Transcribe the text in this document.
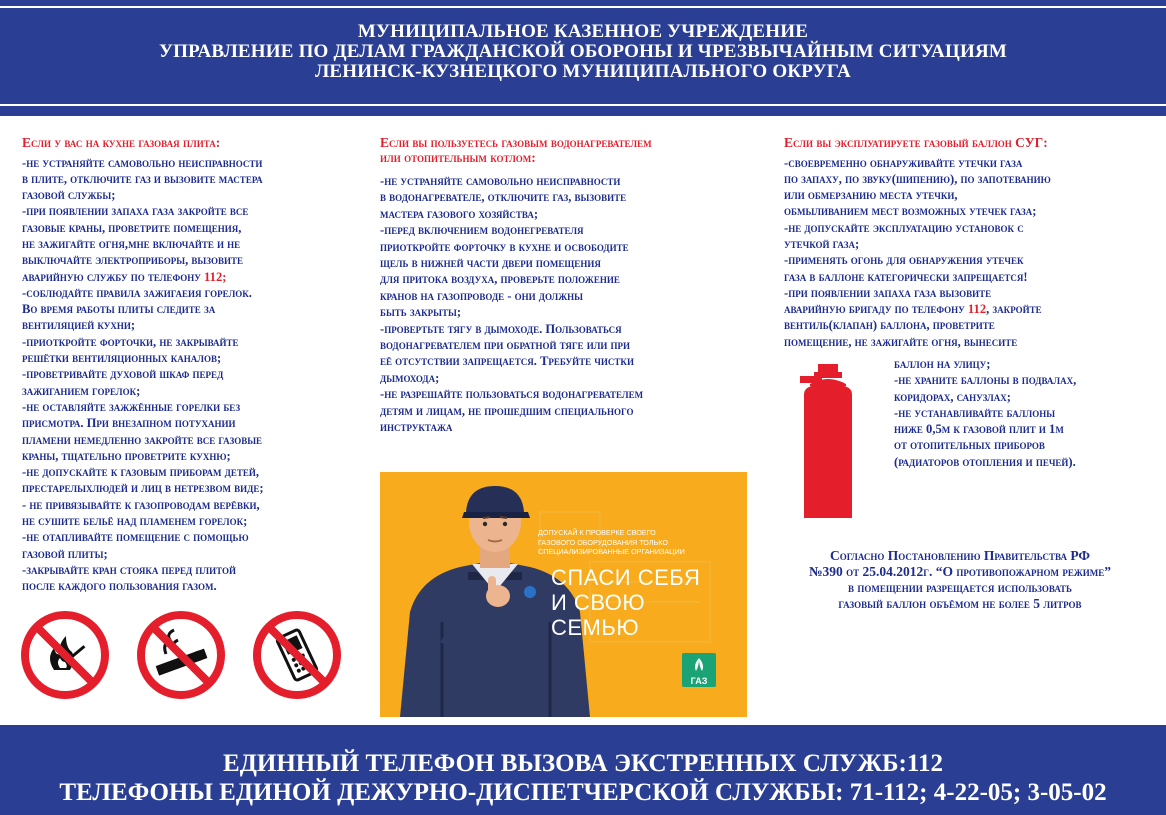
МУНИЦИПАЛЬНОЕ КАЗЕННОЕ УЧРЕЖДЕНИЕ
УПРАВЛЕНИЕ ПО ДЕЛАМ ГРАЖДАНСКОЙ ОБОРОНЫ И ЧРЕЗВЫЧАЙНЫМ СИТУАЦИЯМ
ЛЕНИНСК-КУЗНЕЦКОГО МУНИЦИПАЛЬНОГО ОКРУГА
Если у вас на кухне газовая плита:
-не устраняйте самовольно неисправности
в плите, отключите газ и вызовите мастера
газовой службы;
-при появлении запаха газа закройте все
газовые краны, проветрите помещения,
не зажигайте огня,мне включайте и не
выключайте электроприборы, вызовите
аварийную службу по телефону 112;
-соблюдайте правила зажигаеия горелок.
Во время работы плиты следите за
вентиляцией кухни;
-приоткройте форточки, не закрывайте
решётки вентиляционных каналов;
-проветривайте духовой шкаф перед
зажиганием горелок;
-не оставляйте зажжённые горелки без
присмотра. При внезапном потухании
пламени немедленно закройте все газовые
краны, тщательно проветрите кухню;
-не допускайте к газовым приборам детей,
престарелыхлюдей и лиц в нетрезвом виде;
- не привязывайте к газопроводам верёвки,
не сушите бельё над пламенем горелок;
-не отапливайте помещение с помощью
газовой плиты;
-закрывайте кран стояка перед плитой
после каждого пользования газом.
Если вы пользуетесь газовым водонагревателем
или отопительным котлом:
-не устраняйте самовольно неисправности
в водонагревателе, отключите газ, вызовите
мастера газового хозяйства;
-перед включением водонегревателя
приоткройте форточку в кухне и освободите
щель в нижней части двери помещения
для притока воздуха, проверьте положение
кранов на газопроводе - они должны
быть закрыты;
-провертьте тягу в дымоходе. Пользоваться
водонагревателем при обратной тяге или при
её отсутствии запрещается. Требуйте чистки
дымохода;
-не разрешайте пользоваться водонагревателем
детям и лицам, не прошедшим специального
инструктажа
Если вы эксплуатируете газовый баллон СУГ:
-своевременно обнаруживайте утечки газа
по запаху, по звуку(шипению), по запотеванию
или обмерзанию места утечки,
обмыливанием мест возможных утечек газа;
-не допускайте эксплуатацию установок с
утечкой газа;
-применять огонь для обнаружения утечек
газа в баллоне категорически запрещается!
-при появлении запаха газа вызовите
аварийную бригаду по телефону 112, закройте
вентиль(клапан) баллона, проветрите
помещение, не зажигайте огня, вынесите
баллон на улицу;
-не храните баллоны в подвалах,
коридорах, санузлах;
-не устанавливайте баллоны
ниже 0,5м к газовой плит и 1м
от отопительных приборов
(радиаторов отопления и печей).
Согласно Постановлению Правительства РФ
№390 от 25.04.2012г. “О противопожарном режиме”
в помещении разрещается использовать
газовый баллон объёмом не более 5 литров
ДОПУСКАЙ К ПРОВЕРКЕ СВОЕГО
ГАЗОВОГО ОБОРУДОВАНИЯ ТОЛЬКО
СПЕЦИАЛИЗИРОВАННЫЕ ОРГАНИЗАЦИИ
СПАСИ СЕБЯ
И СВОЮ
СЕМЬЮ
ГАЗ
ЕДИННЫЙ ТЕЛЕФОН ВЫЗОВА ЭКСТРЕННЫХ СЛУЖБ:112
ТЕЛЕФОНЫ ЕДИНОЙ ДЕЖУРНО-ДИСПЕТЧЕРСКОЙ СЛУЖБЫ: 71-112; 4-22-05; 3-05-02
